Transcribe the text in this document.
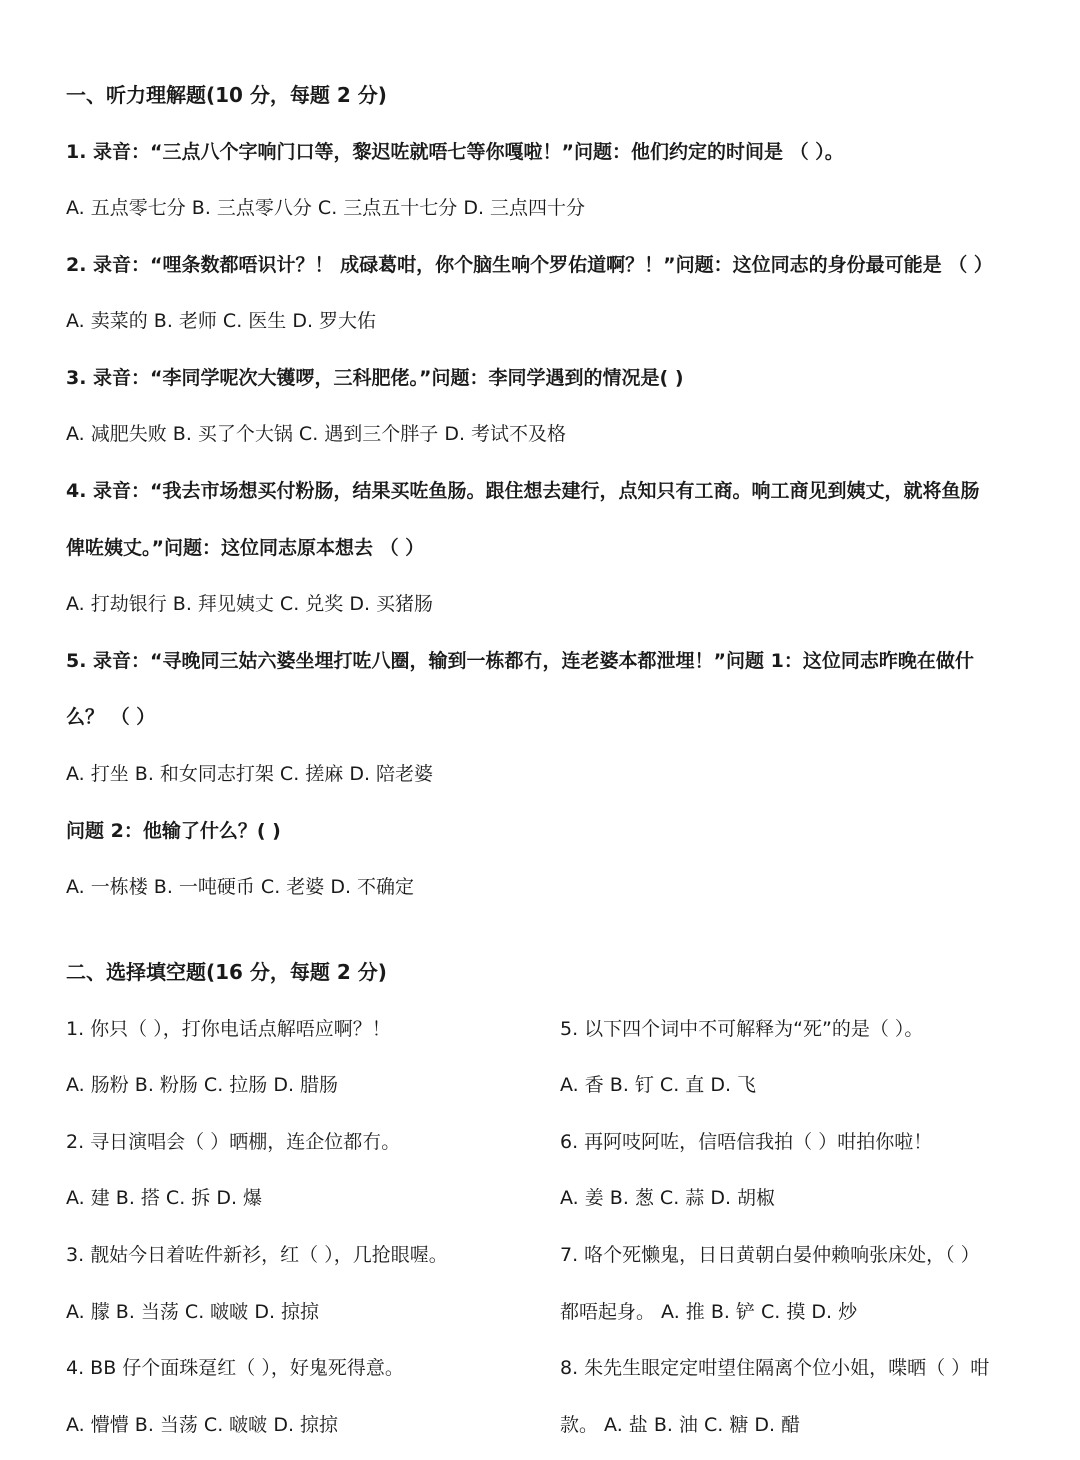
一、听力理解题(10 分，每题 2 分)
1. 录音：“三点八个字响门口等，黎迟咗就唔七等你嘎啦！”问题：他们约定的时间是 （ ）。
A. 五点零七分 B. 三点零八分 C. 三点五十七分 D. 三点四十分
2. 录音：“哩条数都唔识计？！ 成碌葛咁，你个脑生响个罗佑道啊？！”问题：这位同志的身份最可能是 （ ）
A. 卖菜的 B. 老师 C. 医生 D. 罗大佑
3. 录音：“李同学呢次大镬啰，三科肥佬。”问题：李同学遇到的情况是( )
A. 减肥失败 B. 买了个大锅 C. 遇到三个胖子 D. 考试不及格
4. 录音：“我去市场想买付粉肠，结果买咗鱼肠。跟住想去建行，点知只有工商。响工商见到姨丈，就将鱼肠
俾咗姨丈。”问题：这位同志原本想去 （ ）
A. 打劫银行 B. 拜见姨丈 C. 兑奖 D. 买猪肠
5. 录音：“寻晚同三姑六婆坐埋打咗八圈，输到一栋都冇，连老婆本都泄埋！”问题 1：这位同志昨晚在做什
么？ （ ）
A. 打坐 B. 和女同志打架 C. 搓麻 D. 陪老婆
问题 2：他输了什么？( )
A. 一栋楼 B. 一吨硬币 C. 老婆 D. 不确定
二、选择填空题(16 分，每题 2 分)
1. 你只（ ），打你电话点解唔应啊？！
A. 肠粉 B. 粉肠 C. 拉肠 D. 腊肠
2. 寻日演唱会（ ）晒棚，连企位都冇。
A. 建 B. 搭 C. 拆 D. 爆
3. 靓姑今日着咗件新衫，红（ ），几抢眼喔。
A. 朦 B. 当荡 C. 啵啵 D. 掠掠
4. BB 仔个面珠趸红（ ），好鬼死得意。
A. 懵懵 B. 当荡 C. 啵啵 D. 掠掠
5. 以下四个词中不可解释为“死”的是（ ）。
A. 香 B. 钉 C. 直 D. 飞
6. 再阿吱阿咗，信唔信我拍（ ）咁拍你啦！
A. 姜 B. 葱 C. 蒜 D. 胡椒
7. 咯个死懒鬼，日日黄朝白晏仲赖响张床处，（ ）
都唔起身。 A. 推 B. 铲 C. 摸 D. 炒
8. 朱先生眼定定咁望住隔离个位小姐，喋晒（ ）咁
款。 A. 盐 B. 油 C. 糖 D. 醋
